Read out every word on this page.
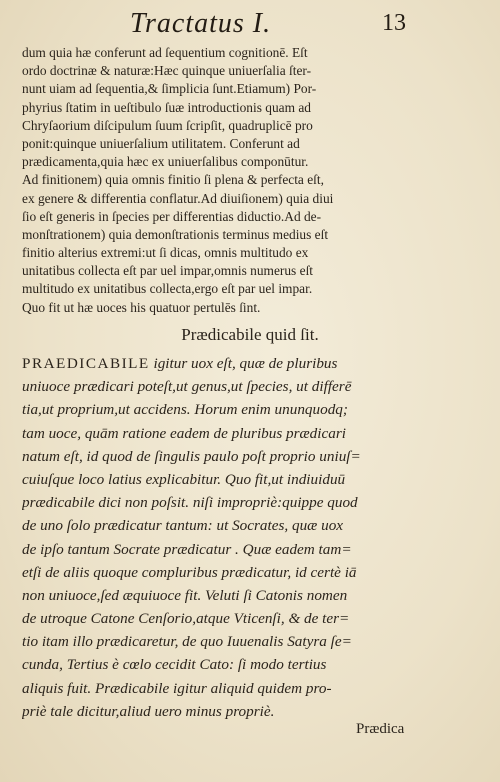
Tractatus I.	13
dum quia hæ conferunt ad ſequentium cognitionē. Eſt
ordo doctrinæ & naturæ:Hæc quinque uniuerſalia ſter-
nunt uiam ad ſequentia,& ſimplicia ſunt.Etiamum) Por-
phyrius ſtatim in ueſtibulo ſuæ introductionis quam ad
Chryſaorium diſcipulum ſuum ſcripſit, quadruplicē pro
ponit:quinque uniuerſalium utilitatem. Conferunt ad
prædicamenta,quia hæc ex uniuerſalibus componūtur.
Ad finitionem) quia omnis finitio ſi plena & perfecta eſt,
ex genere & differentia conflatur.Ad diuiſionem) quia diui
ſio eſt generis in ſpecies per differentias diductio.Ad de-
monſtrationem) quia demonſtrationis terminus medius eſt
finitio alterius extremi:ut ſi dicas, omnis multitudo ex
unitatibus collecta eſt par uel impar,omnis numerus eſt
multitudo ex unitatibus collecta,ergo eſt par uel impar.
Quo fit ut hæ uoces his quatuor pertulēs ſint.
Prædicabile quid ſit.
PRAEDICABILE igitur uox eſt, quæ de pluribus
uniuoce prædicari poteſt,ut genus,ut ſpecies, ut differē
tia,ut proprium,ut accidens. Horum enim ununquodq;
tam uoce, quām ratione eadem de pluribus prædicari
natum eſt, id quod de ſingulis paulo poſt proprio uniuſ=
cuiuſque loco latius explicabitur. Quo fit,ut indiuiduū
prædicabile dici non poſsit. niſi impropriè:quippe quod
de uno ſolo prædicatur tantum: ut Socrates, quæ uox
de ipſo tantum Socrate prædicatur . Quæ eadem tam=
etſi de aliis quoque compluribus prædicatur, id certè iā
non uniuoce,ſed æquiuoce fit. Veluti ſi Catonis nomen
de utroque Catone Cenſorio,atque Vticenſi, & de ter=
tio itam illo prædicaretur, de quo Iuuenalis Satyra ſe=
cunda, Tertius è cœlo cecidit Cato: ſi modo tertius
aliquis fuit. Prædicabile igitur aliquid quidem pro-
priè tale dicitur,aliud uero minus propriè.
Prædica
